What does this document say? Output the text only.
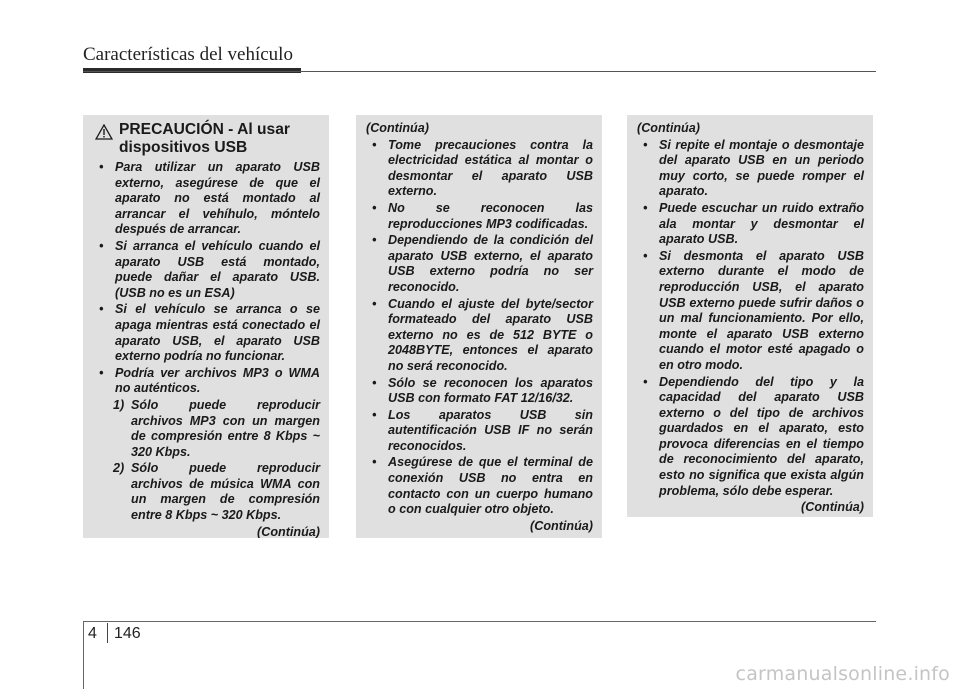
Características del vehículo
PRECAUCIÓN - Al usar dispositivos USB
• Para utilizar un aparato USB externo, asegúrese de que el aparato no está montado al arrancar el vehíhulo, móntelo después de arrancar.
• Si arranca el vehículo cuando el aparato USB está montado, puede dañar el aparato USB. (USB no es un ESA)
• Si el vehículo se arranca o se apaga mientras está conectado el aparato USB, el aparato USB externo podría no funcionar.
• Podría ver archivos MP3 o WMA no auténticos.
1) Sólo puede reproducir archivos MP3 con un margen de compresión entre 8 Kbps ~ 320 Kbps.
2) Sólo puede reproducir archivos de música WMA con un margen de compresión entre 8 Kbps ~ 320 Kbps.
(Continúa)
(Continúa)
• Tome precauciones contra la electricidad estática al montar o desmontar el aparato USB externo.
• No se reconocen las reproducciones MP3 codificadas.
• Dependiendo de la condición del aparato USB externo, el aparato USB externo podría no ser reconocido.
• Cuando el ajuste del byte/sector formateado del aparato USB externo no es de 512 BYTE o 2048BYTE, entonces el aparato no será reconocido.
• Sólo se reconocen los aparatos USB con formato FAT 12/16/32.
• Los aparatos USB sin autentificación USB IF no serán reconocidos.
• Asegúrese de que el terminal de conexión USB no entra en contacto con un cuerpo humano o con cualquier otro objeto.
(Continúa)
(Continúa)
• Si repite el montaje o desmontaje del aparato USB en un periodo muy corto, se puede romper el aparato.
• Puede escuchar un ruido extraño ala montar y desmontar el aparato USB.
• Si desmonta el aparato USB externo durante el modo de reproducción USB, el aparato USB externo puede sufrir daños o un mal funcionamiento. Por ello, monte el aparato USB externo cuando el motor esté apagado o en otro modo.
• Dependiendo del tipo y la capacidad del aparato USB externo o del tipo de archivos guardados en el aparato, esto provoca diferencias en el tiempo de reconocimiento del aparato, esto no significa que exista algún problema, sólo debe esperar.
(Continúa)
4 146
carmanualsonline.info
